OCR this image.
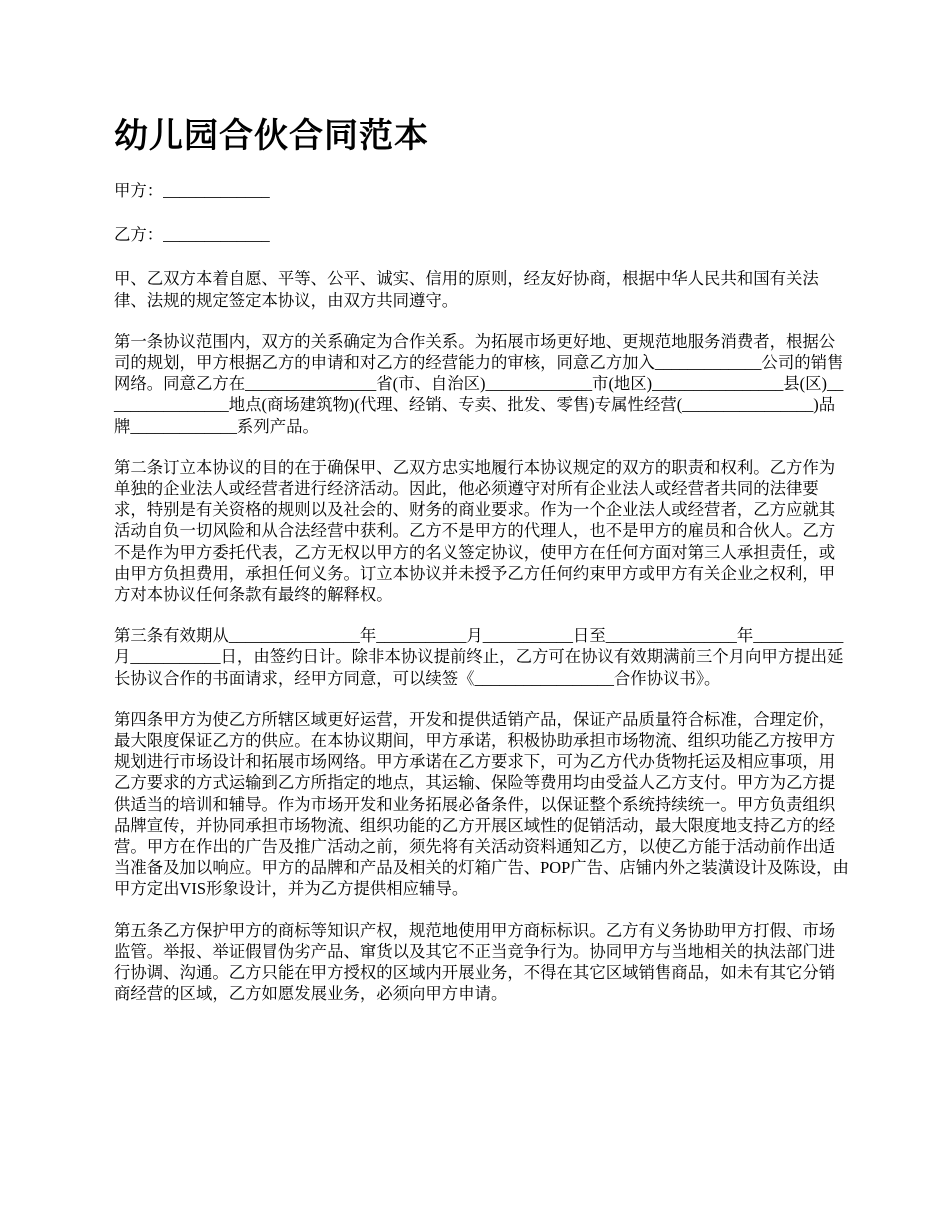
幼儿园合伙合同范本

甲方：_____________

乙方：_____________

甲、乙双方本着自愿、平等、公平、诚实、信用的原则，经友好协商，根据中华人民共和国有关法律、法规的规定签定本协议，由双方共同遵守。

第一条协议范围内，双方的关系确定为合作关系。为拓展市场更好地、更规范地服务消费者，根据公司的规划，甲方根据乙方的申请和对乙方的经营能力的审核，同意乙方加入_____________公司的销售网络。同意乙方在________________省(市、自治区)_____________市(地区)________________县(区)________________地点(商场建筑物)(代理、经销、专卖、批发、零售)专属性经营(________________)品牌_____________系列产品。

第二条订立本协议的目的在于确保甲、乙双方忠实地履行本协议规定的双方的职责和权利。乙方作为单独的企业法人或经营者进行经济活动。因此，他必须遵守对所有企业法人或经营者共同的法律要求，特别是有关资格的规则以及社会的、财务的商业要求。作为一个企业法人或经营者，乙方应就其活动自负一切风险和从合法经营中获利。乙方不是甲方的代理人，也不是甲方的雇员和合伙人。乙方不是作为甲方委托代表，乙方无权以甲方的名义签定协议，使甲方在任何方面对第三人承担责任，或由甲方负担费用，承担任何义务。订立本协议并未授予乙方任何约束甲方或甲方有关企业之权利，甲方对本协议任何条款有最终的解释权。

第三条有效期从________________年___________月___________日至________________年___________月___________日，由签约日计。除非本协议提前终止，乙方可在协议有效期满前三个月向甲方提出延长协议合作的书面请求，经甲方同意，可以续签《_________________合作协议书》。

第四条甲方为使乙方所辖区域更好运营，开发和提供适销产品，保证产品质量符合标准，合理定价，最大限度保证乙方的供应。在本协议期间，甲方承诺，积极协助承担市场物流、组织功能乙方按甲方规划进行市场设计和拓展市场网络。甲方承诺在乙方要求下，可为乙方代办货物托运及相应事项，用乙方要求的方式运输到乙方所指定的地点，其运输、保险等费用均由受益人乙方支付。甲方为乙方提供适当的培训和辅导。作为市场开发和业务拓展必备条件，以保证整个系统持续统一。甲方负责组织品牌宣传，并协同承担市场物流、组织功能的乙方开展区域性的促销活动，最大限度地支持乙方的经营。甲方在作出的广告及推广活动之前，须先将有关活动资料通知乙方，以使乙方能于活动前作出适当准备及加以响应。甲方的品牌和产品及相关的灯箱广告、POP广告、店铺内外之装潢设计及陈设，由甲方定出VIS形象设计，并为乙方提供相应辅导。

第五条乙方保护甲方的商标等知识产权，规范地使用甲方商标标识。乙方有义务协助甲方打假、市场监管。举报、举证假冒伪劣产品、窜货以及其它不正当竞争行为。协同甲方与当地相关的执法部门进行协调、沟通。乙方只能在甲方授权的区域内开展业务，不得在其它区域销售商品，如未有其它分销商经营的区域，乙方如愿发展业务，必须向甲方申请。
